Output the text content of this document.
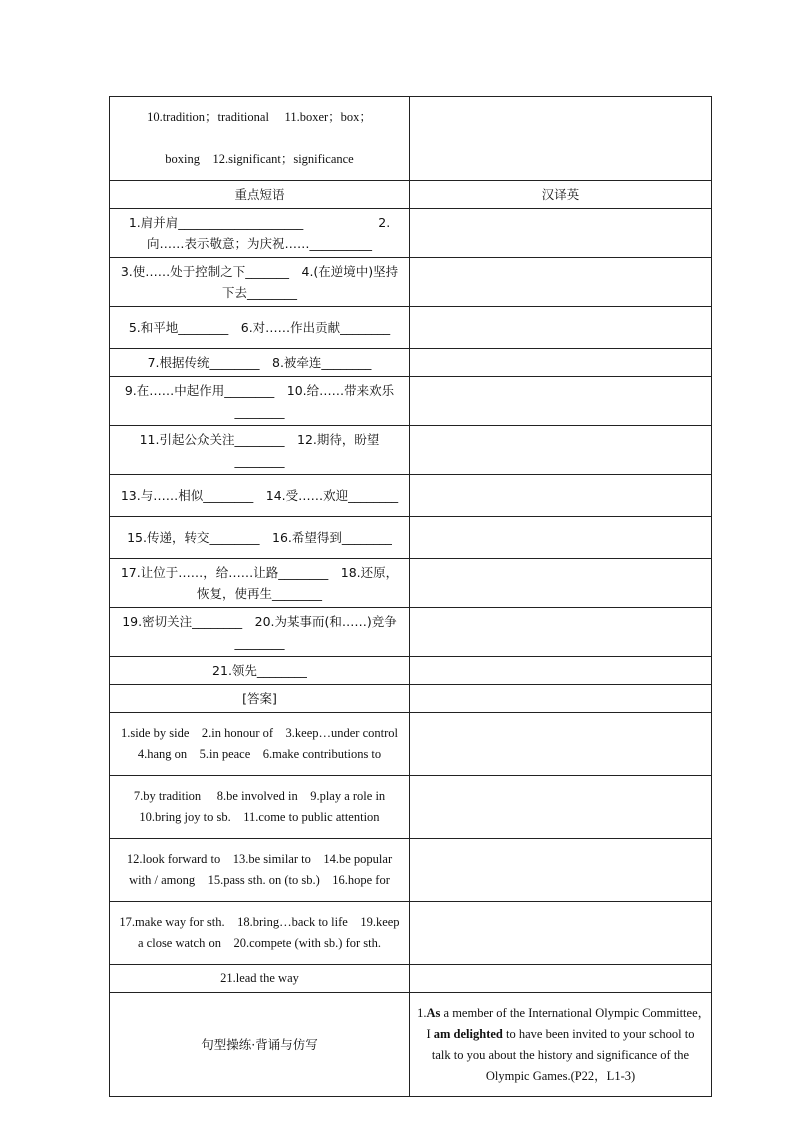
10.tradition；traditional　 11.boxer；box；
boxing　12.significant；significance	

重点短语	汉译英
1.肩并肩____________________　　　　　　2.向……表示敬意；为庆祝……__________	
3.使……处于控制之下_______　4.(在逆境中)坚持下去________	
5.和平地________　6.对……作出贡献________	
7.根据传统________　8.被牵连________	
9.在……中起作用________　10.给……带来欢乐________	
11.引起公众关注________　12.期待，盼望________	
13.与……相似________　14.受……欢迎________	
15.传递，转交________　16.希望得到________	
17.让位于……，给……让路________　18.还原，恢复，使再生________	
19.密切关注________　20.为某事而(和……)竞争________	
21.领先________	
[答案]	
1.side by side　2.in honour of　3.keep…under control　4.hang on　5.in peace　6.make contributions to	
7.by tradition　 8.be involved in　9.play a role in　10.bring joy to sb.　11.come to public attention	
12.look forward to　13.be similar to　14.be popular with / among　15.pass sth. on (to sb.)　16.hope for	
17.make way for sth.　18.bring…back to life　19.keep a close watch on　20.compete (with sb.) for sth.	
21.lead the way	
句型操练·背诵与仿写	1.As a member of the International Olympic Committee，　I am delighted to have been invited to your school to talk to you about the history and significance of the Olympic Games.(P22，L1-3)
